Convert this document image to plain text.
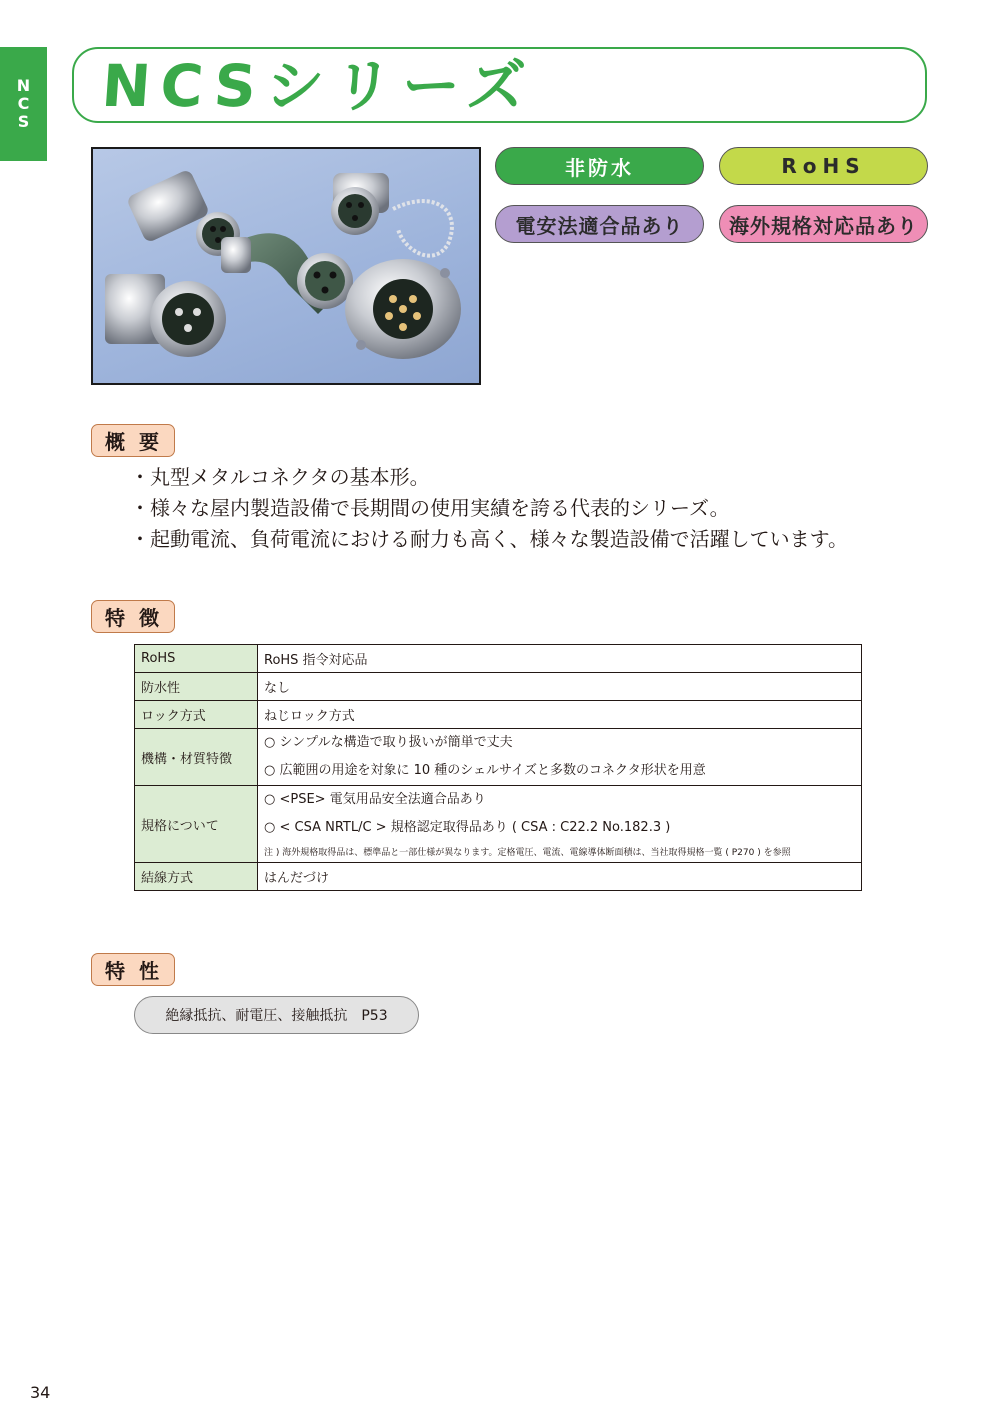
N
C
S
NCSシリーズ
非防水	RoHS
電安法適合品あり	海外規格対応品あり
概要
・ 丸型メタルコネクタの基本形。
・ 様々な屋内製造設備で長期間の使用実績を誇る代表的シリーズ。
・ 起動電流、負荷電流における耐力も高く、様々な製造設備で活躍しています。
特徴
RoHS	RoHS 指令対応品
防水性	なし
ロック方式	ねじロック方式
機構・材質特徴	○ シンプルな構造で取り扱いが簡単で丈夫
○ 広範囲の用途を対象に 10 種のシェルサイズと多数のコネクタ形状を用意

規格について	○ <PSE> 電気用品安全法適合品あり
○ < CSA NRTL/C > 規格認定取得品あり ( CSA : C22.2 No.182.3 )
注 ) 海外規格取得品は、標準品と一部仕様が異なります。定格電圧、電流、電線導体断面積は、当社取得規格一覧 ( P270 ) を参照

結線方式	はんだづけ
特性
絶縁抵抗、耐電圧、接触抵抗　P53
34
